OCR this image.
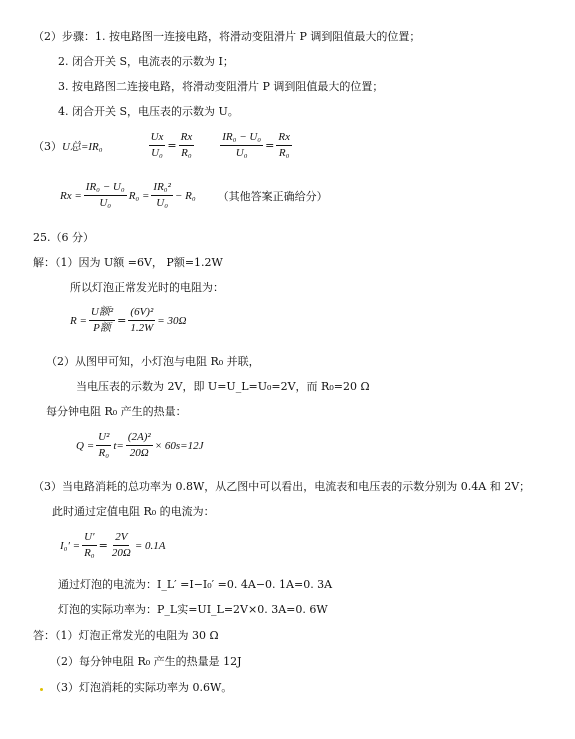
（2）步骤：1. 按电路图一连接电路，将滑动变阻滑片 P 调到阻值最大的位置；
2. 闭合开关 S，电流表的示数为 I；
3. 按电路图二连接电路，将滑动变阻滑片 P 调到阻值最大的位置；
4. 闭合开关 S，电压表的示数为 U。
（3） U总=IR₀	$\frac{Ux}{\text{U₀}} = \frac{Rx}{\text{R₀}} \frac{\text{IR₀ − U₀}}{\text{U₀}} = \frac{Rx}{\text{R₀}}$
$Rx = \frac{\text{IR₀ − U₀}}{\text{U₀}} R_0 = \frac{\text{IR₀²}}{\text{U₀}} - R_0$ （其他答案正确给分）
25.（6 分）
解：（1）因为 U额 =6V， P额=1.2W
所以灯泡正常发光时的电阻为：
$R = \frac{\text{U额²}}{\text{P额}} = \frac{\text{(6V)²}}{1.2W} = 30\Omega$
（2）从图甲可知，小灯泡与电阻 R₀ 并联，
当电压表的示数为 2V，即 U=U_L=U₀=2V，而 R₀=20 Ω
每分钟电阻 R₀ 产生的热量：
$Q = \frac{\text{U²}}{\text{R₀}} t= \frac{\text{(2A)²}}{20\Omega} \times 60s=12J$
（3）当电路消耗的总功率为 0.8W，从乙图中可以看出，电流表和电压表的示数分别为 0.4A 和 2V；
此时通过定值电阻 R₀ 的电流为：
$I_0' = \frac{U'}{\text{R₀}} = \frac{2V}{20\Omega} = 0.1A$
通过灯泡的电流为：I_L′ =I−I₀′ =0. 4A−0. 1A=0. 3A
灯泡的实际功率为：P_L实=UI_L=2V×0. 3A=0. 6W
答：（1）灯泡正常发光的电阻为 30 Ω
（2）每分钟电阻 R₀ 产生的热量是 12J
（3）灯泡消耗的实际功率为 0.6W。
